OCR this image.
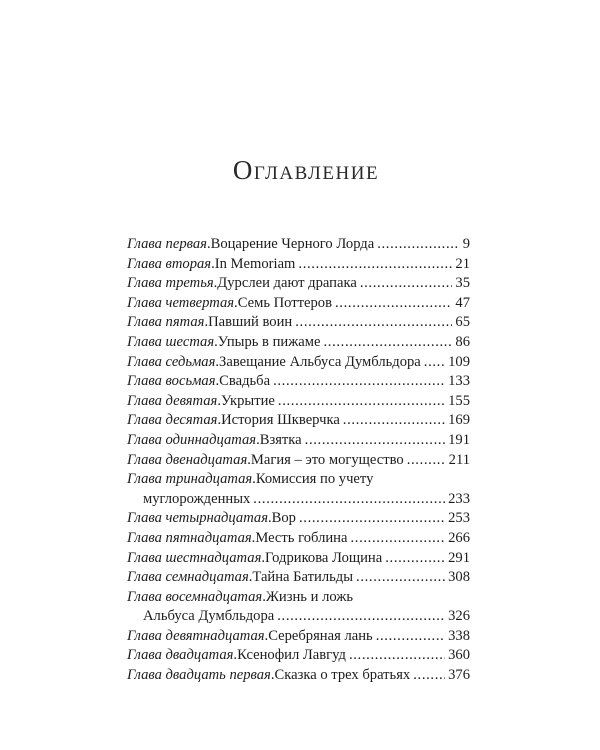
Оглавление
Глава первая . Воцарение Черного Лорда . . .	9
Глава вторая . In Memoriam . . .	21
Глава третья . Дурслеи дают драпака . . .	35
Глава четвертая . Семь Поттеров . . .	47
Глава пятая . Павший воин . . .	65
Глава шестая . Упырь в пижаме . . .	86
Глава седьмая . Завещание Альбуса Думбльдора . . . 109
Глава восьмая . Свадьба . . .	133
Глава девятая . Укрытие . . .	155
Глава десятая . История Шкверчка . . .	169
Глава одиннадцатая . Взятка . . .	191
Глава двенадцатая . Магия – это могущество . . .	211
Глава тринадцатая . Комиссия по учету
муглорожденных . . .	233
Глава четырнадцатая . Вор . . .	253
Глава пятнадцатая . Месть гоблина . . .	266
Глава шестнадцатая . Годрикова Лощина . . .	291
Глава семнадцатая . Тайна Батильды . . .	308
Глава восемнадцатая . Жизнь и ложь
Альбуса Думбльдора . . .	326
Глава девятнадцатая . Серебряная лань . . .	338
Глава двадцатая . Ксенофил Лавгуд . . .	360
Глава двадцать первая . Сказка о трех братьях . . .	376
